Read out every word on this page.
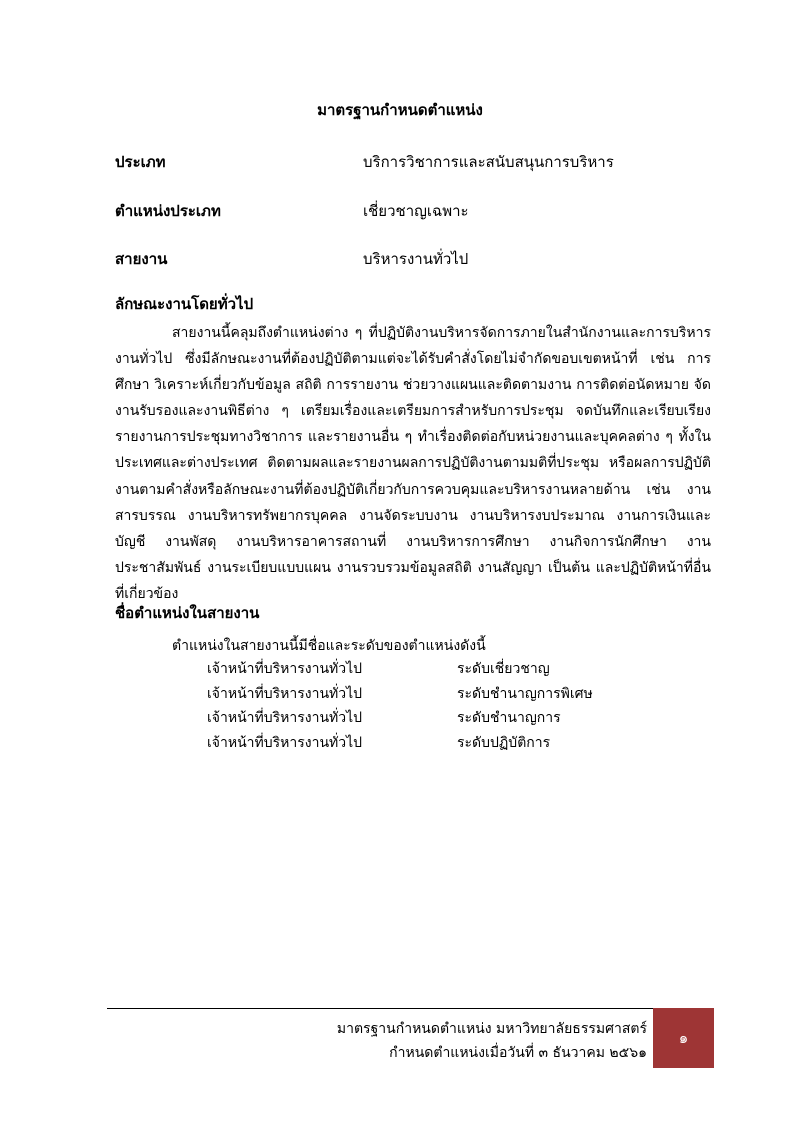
มาตรฐานกำหนดตำแหน่ง
ประเภท	บริการวิชาการและสนับสนุนการบริหาร
ตำแหน่งประเภท	เชี่ยวชาญเฉพาะ
สายงาน	บริหารงานทั่วไป
ลักษณะงานโดยทั่วไป

สายงานนี้คลุมถึงตำแหน่งต่าง ๆ ที่ปฏิบัติงานบริหารจัดการภายในสำนักงานและการบริหารงานทั่วไป ซึ่งมีลักษณะงานที่ต้องปฏิบัติตามแต่จะได้รับคำสั่งโดยไม่จำกัดขอบเขตหน้าที่ เช่น การศึกษา วิเคราะห์เกี่ยวกับข้อมูล สถิติ การรายงาน ช่วยวางแผนและติดตามงาน การติดต่อนัดหมาย จัดงานรับรองและงานพิธีต่าง ๆ เตรียมเรื่องและเตรียมการสำหรับการประชุม จดบันทึกและเรียบเรียงรายงานการประชุมทางวิชาการ และรายงานอื่น ๆ ทำเรื่องติดต่อกับหน่วยงานและบุคคลต่าง ๆ ทั้งในประเทศและต่างประเทศ ติดตามผลและรายงานผลการปฏิบัติงานตามมติที่ประชุม หรือผลการปฏิบัติงานตามคำสั่งหรือลักษณะงานที่ต้องปฏิบัติเกี่ยวกับการควบคุมและบริหารงานหลายด้าน เช่น งานสารบรรณ งานบริหารทรัพยากรบุคคล งานจัดระบบงาน งานบริหารงบประมาณ งานการเงินและบัญชี งานพัสดุ งานบริหารอาคารสถานที่ งานบริหารการศึกษา งานกิจการนักศึกษา งานประชาสัมพันธ์ งานระเบียบแบบแผน งานรวบรวมข้อมูลสถิติ งานสัญญา เป็นต้น และปฏิบัติหน้าที่อื่นที่เกี่ยวข้อง

ชื่อตำแหน่งในสายงาน
ตำแหน่งในสายงานนี้มีชื่อและระดับของตำแหน่งดังนี้
เจ้าหน้าที่บริหารงานทั่วไป	ระดับเชี่ยวชาญ
เจ้าหน้าที่บริหารงานทั่วไป	ระดับชำนาญการพิเศษ
เจ้าหน้าที่บริหารงานทั่วไป	ระดับชำนาญการ
เจ้าหน้าที่บริหารงานทั่วไป	ระดับปฏิบัติการ
มาตรฐานกำหนดตำแหน่ง มหาวิทยาลัยธรรมศาสตร์
กำหนดตำแหน่งเมื่อวันที่ ๓ ธันวาคม ๒๕๖๑
๑
